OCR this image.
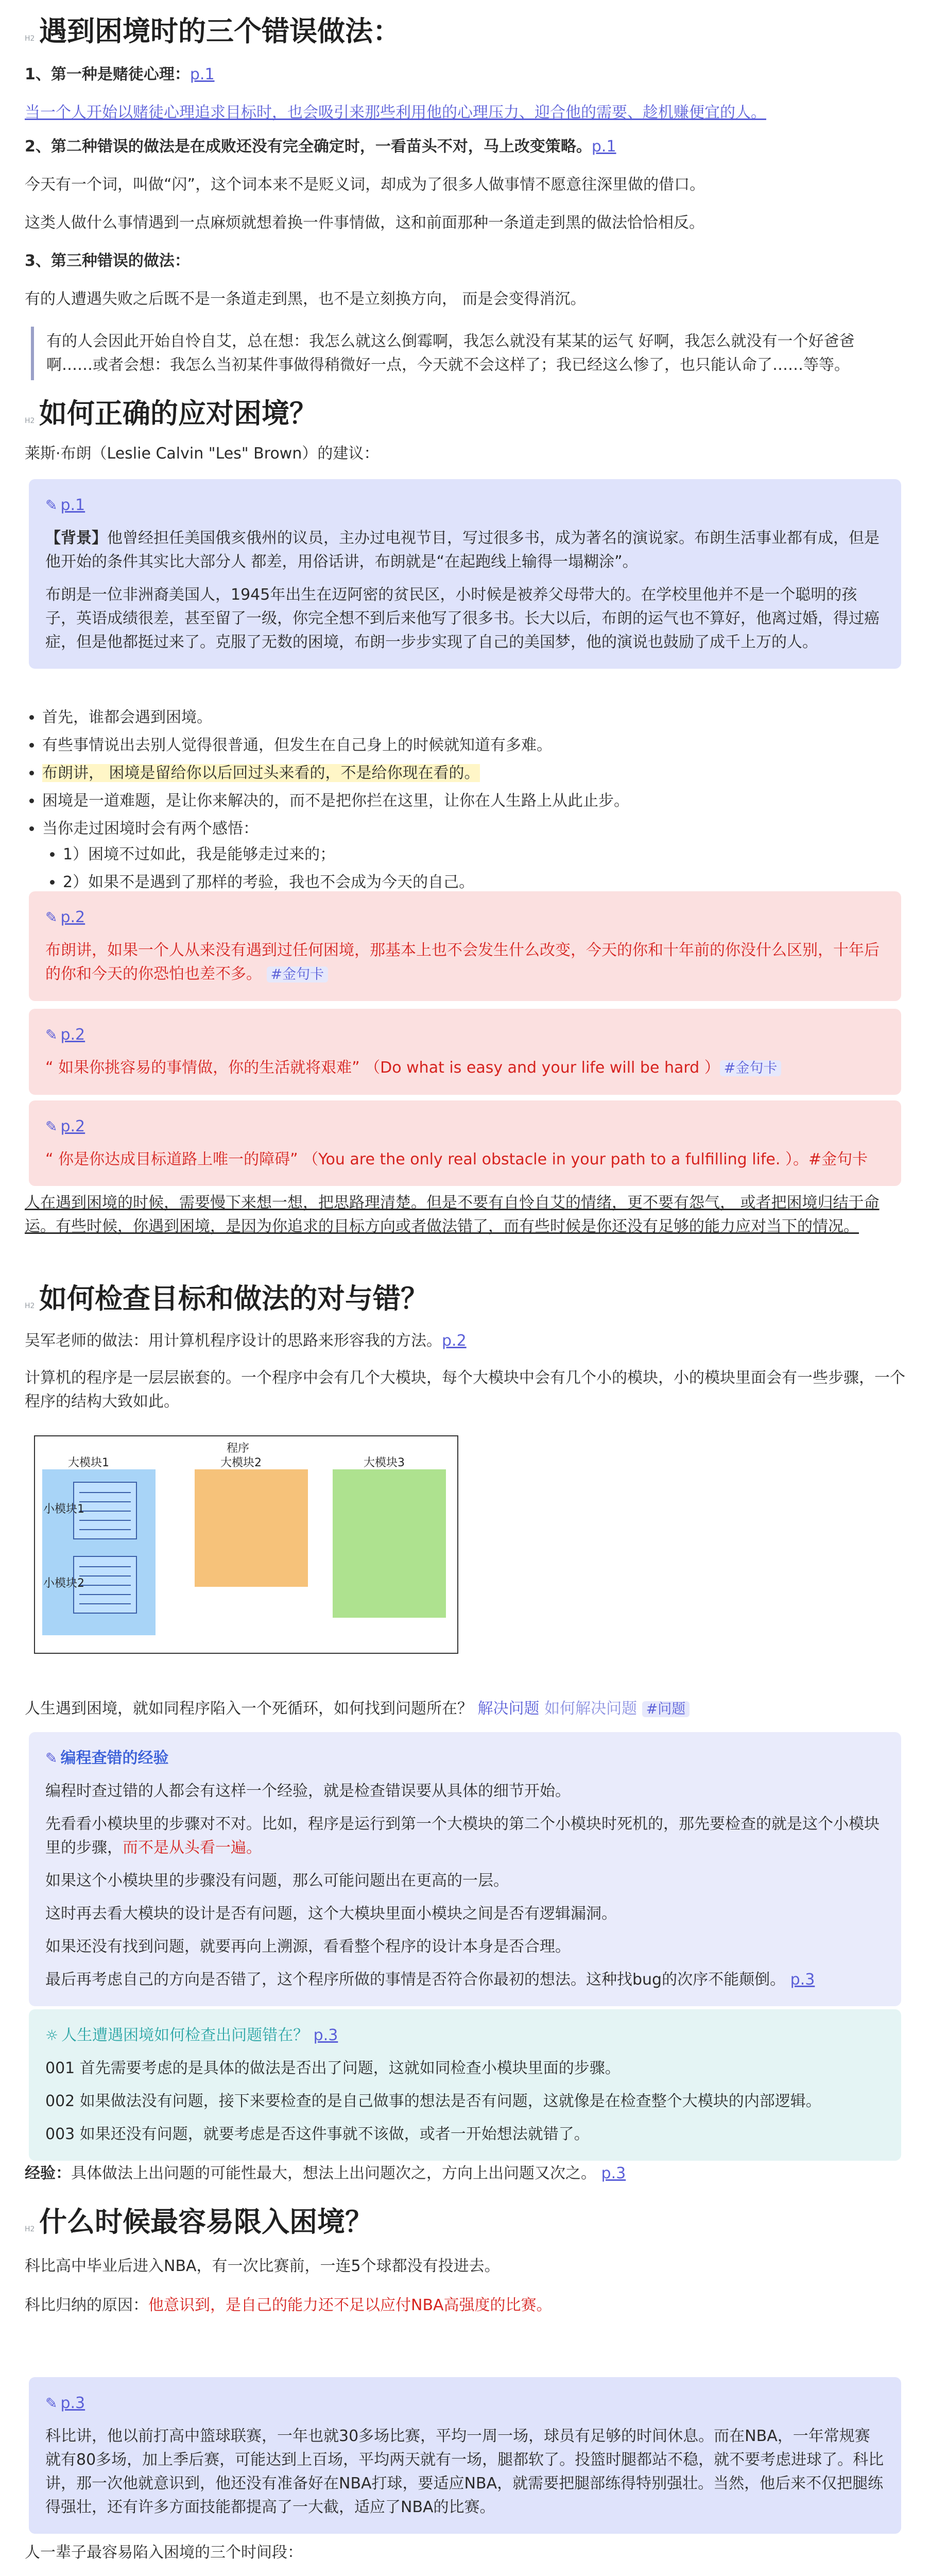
H2 遇到困境时的三个错误做法：
1、第一种是赌徒心理：p.1
当一个人开始以赌徒心理追求目标时，也会吸引来那些利用他的心理压力、迎合他的需要、趁机赚便宜的人。
2、第二种错误的做法是在成败还没有完全确定时，一看苗头不对，马上改变策略。p.1
今天有一个词，叫做“闪”，这个词本来不是贬义词，却成为了很多人做事情不愿意往深里做的借口。
这类人做什么事情遇到一点麻烦就想着换一件事情做，这和前面那种一条道走到黑的做法恰恰相反。
3、第三种错误的做法：
有的人遭遇失败之后既不是一条道走到黑，也不是立刻换方向， 而是会变得消沉。
有的人会因此开始自怜自艾，总在想：我怎么就这么倒霉啊，我怎么就没有某某的运气 好啊，我怎么就没有一个好爸爸啊……或者会想：我怎么当初某件事做得稍微好一点，今天就不会这样了；我已经这么惨了，也只能认命了……等等。
H2 如何正确的应对困境？
莱斯·布朗（Leslie Calvin "Les" Brown）的建议：

✎ p.1

【背景】他曾经担任美国俄亥俄州的议员，主办过电视节目，写过很多书，成为著名的演说家。布朗生活事业都有成，但是他开始的条件其实比大部分人 都差，用俗话讲，布朗就是“在起跑线上输得一塌糊涂”。

布朗是一位非洲裔美国人，1945年出生在迈阿密的贫民区，小时候是被养父母带大的。在学校里他并不是一个聪明的孩子，英语成绩很差，甚至留了一级，你完全想不到后来他写了很多书。长大以后，布朗的运气也不算好，他离过婚，得过癌症，但是他都挺过来了。克服了无数的困境，布朗一步步实现了自己的美国梦，他的演说也鼓励了成千上万的人。

• 首先，谁都会遇到困境。
• 有些事情说出去别人觉得很普通，但发生在自己身上的时候就知道有多难。
• 布朗讲， 困境是留给你以后回过头来看的，不是给你现在看的。
• 困境是一道难题，是让你来解决的，而不是把你拦在这里，让你在人生路上从此止步。
• 当你走过困境时会有两个感悟：
• 1）困境不过如此，我是能够走过来的；
• 2）如果不是遇到了那样的考验，我也不会成为今天的自己。

✎ p.2

布朗讲，如果一个人从来没有遇到过任何困境，那基本上也不会发生什么改变，今天的你和十年前的你没什么区别，十年后的你和今天的你恐怕也差不多。 #金句卡

✎ p.2

“ 如果你挑容易的事情做，你的生活就将艰难” （Do what is easy and your life will be hard ） #金句卡

✎ p.2

“ 你是你达成目标道路上唯一的障碍” （You are the only real obstacle in your path to a fulfilling life. ）。#金句卡

人在遇到困境的时候，需要慢下来想一想，把思路理清楚。但是不要有自怜自艾的情绪，更不要有怨气， 或者把困境归结于命运。有些时候，你遇到困境，是因为你追求的目标方向或者做法错了，而有些时候是你还没有足够的能力应对当下的情况。
H2 如何检查目标和做法的对与错？
吴军老师的做法：用计算机程序设计的思路来形容我的方法。p.2
计算机的程序是一层层嵌套的。一个程序中会有几个大模块，每个大模块中会有几个小的模块，小的模块里面会有一些步骤，一个程序的结构大致如此。
程序
大模块1
小模块1
小模块2
大模块2	大模块3
人生遇到困境，就如同程序陷入一个死循环，如何找到问题所在？ 解决问题 如何解决问题 #问题

✎ 编程查错的经验

编程时查过错的人都会有这样一个经验，就是检查错误要从具体的细节开始。

先看看小模块里的步骤对不对。比如，程序是运行到第一个大模块的第二个小模块时死机的，那先要检查的就是这个小模块 里的步骤，而不是从头看一遍。

如果这个小模块里的步骤没有问题，那么可能问题出在更高的一层。

这时再去看大模块的设计是否有问题，这个大模块里面小模块之间是否有逻辑漏洞。

如果还没有找到问题，就要再向上溯源，看看整个程序的设计本身是否合理。

最后再考虑自己的方向是否错了，这个程序所做的事情是否符合你最初的想法。这种找bug的次序不能颠倒。 p.3

☼ 人生遭遇困境如何检查出问题错在？ p.3

001 首先需要考虑的是具体的做法是否出了问题，这就如同检查小模块里面的步骤。

002 如果做法没有问题，接下来要检查的是自己做事的想法是否有问题，这就像是在检查整个大模块的内部逻辑。

003 如果还没有问题，就要考虑是否这件事就不该做，或者一开始想法就错了。

经验：具体做法上出问题的可能性最大，想法上出问题次之，方向上出问题又次之。 p.3
H2 什么时候最容易限入困境？
科比高中毕业后进入NBA，有一次比赛前，一连5个球都没有投进去。
科比归纳的原因：他意识到，是自己的能力还不足以应付NBA高强度的比赛。

✎ p.3

科比讲，他以前打高中篮球联赛，一年也就30多场比赛，平均一周一场，球员有足够的时间休息。而在NBA，一年常规赛就有80多场，加上季后赛，可能达到上百场，平均两天就有一场，腿都软了。投篮时腿都站不稳，就不要考虑进球了。科比讲，那一次他就意识到，他还没有准备好在NBA打球，要适应NBA，就需要把腿部练得特别强壮。当然，他后来不仅把腿练得强壮，还有许多方面技能都提高了一大截，适应了NBA的比赛。

人一辈子最容易陷入困境的三个时间段：
